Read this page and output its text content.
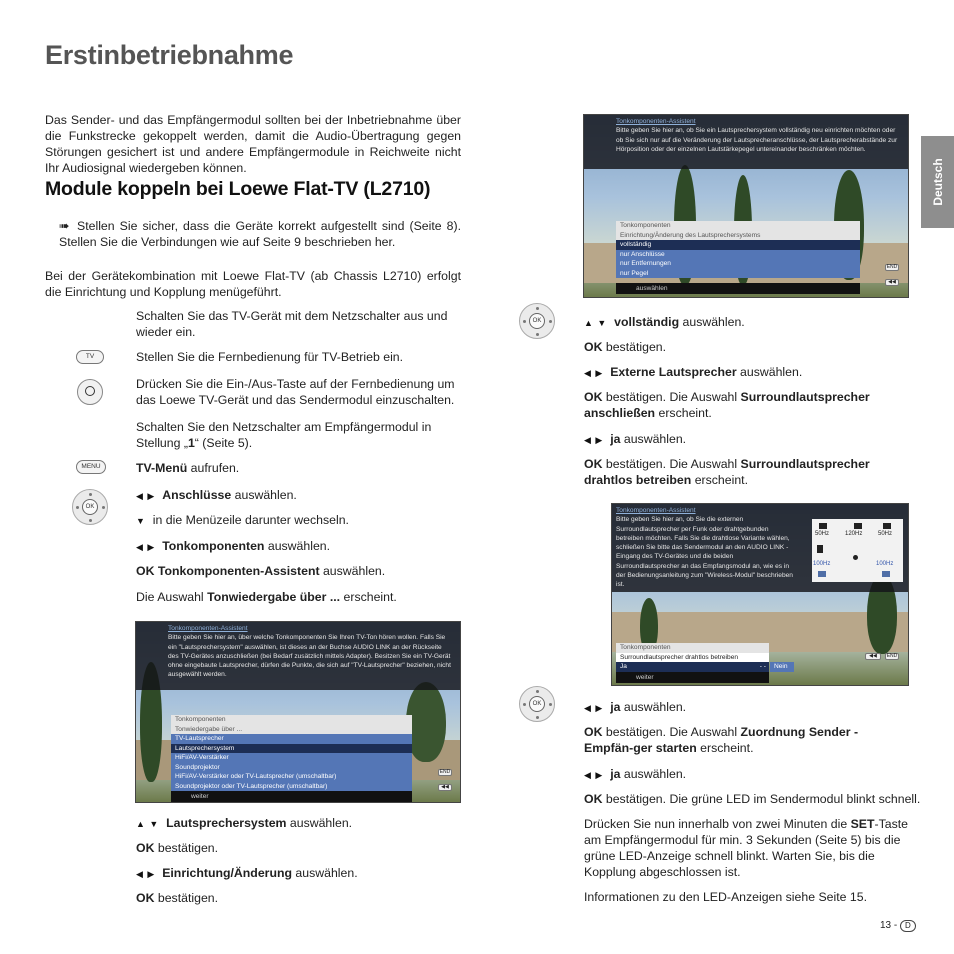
Erstinbetriebnahme
Deutsch
Das Sender- und das Empfängermodul sollten bei der Inbetriebnahme über die Funkstrecke gekoppelt werden, damit die Audio-Übertragung gegen Störungen gesichert ist und andere Empfängermodule in Reichweite nicht Ihr Audiosignal wiedergeben können.
Module koppeln bei Loewe Flat-TV (L2710)
➠ Stellen Sie sicher, dass die Geräte korrekt aufgestellt sind (Seite 8). Stellen Sie die Verbindungen wie auf Seite 9 beschrieben her.
Bei der Gerätekombination mit Loewe Flat-TV (ab Chassis L2710) erfolgt die Einrichtung und Kopplung menügeführt.
TV
MENU
OK
Schalten Sie das TV-Gerät mit dem Netzschalter aus und wieder ein.
Stellen Sie die Fernbedienung für TV-Betrieb ein.
Drücken Sie die Ein-/Aus-Taste auf der Fernbedienung um das Loewe TV-Gerät und das Sendermodul einzuschalten.
Schalten Sie den Netzschalter am Empfängermodul in Stellung „1“ (Seite 5).
TV-Menü aufrufen.
◀ ▶ Anschlüsse auswählen.
▼ in die Menüzeile darunter wechseln.
◀ ▶ Tonkomponenten auswählen.
OK Tonkomponenten-Assistent auswählen.
Die Auswahl Tonwiedergabe über ... erscheint.
Tonkomponenten-Assistent
Bitte geben Sie hier an, über welche Tonkomponenten Sie Ihren TV-Ton hören wollen. Falls Sie ein "Lautsprechersystem" auswählen, ist dieses an der Buchse AUDIO LINK an der Rückseite des TV-Gerätes anzuschließen (bei Bedarf zusätzlich mittels Adapter). Besitzen Sie ein TV-Gerät ohne eingebaute Lautsprecher, dürfen die Punkte, die sich auf "TV-Lautsprecher" beziehen, nicht ausgewählt werden.
Tonkomponenten
Tonwiedergabe über ...
TV-Lautsprecher
Lautsprechersystem
HiFi/AV-Verstärker
Soundprojektor
HiFi/AV-Verstärker oder TV-Lautsprecher (umschaltbar)
Soundprojektor oder TV-Lautsprecher (umschaltbar)
weiter
END
◀◀
▲ ▼ Lautsprechersystem auswählen.
OK bestätigen.
◀ ▶ Einrichtung/Änderung auswählen.
OK bestätigen.
Tonkomponenten-Assistent
Bitte geben Sie hier an, ob Sie ein Lautsprechersystem vollständig neu einrichten möchten oder ob Sie sich nur auf die Veränderung der Lautsprecheranschlüsse, der Lautsprecherabstände zur Hörposition oder der einzelnen Lautstärkepegel untereinander beschränken möchten.
Tonkomponenten
Einrichtung/Änderung des Lautsprechersystems
vollständig
nur Anschlüsse
nur Entfernungen
nur Pegel
auswählen
END
◀◀
OK	▲ ▼ vollständig auswählen.
OK bestätigen.
◀ ▶ Externe Lautsprecher auswählen.
OK bestätigen. Die Auswahl Surroundlautsprecher anschließen erscheint.
◀ ▶ ja auswählen.
OK bestätigen. Die Auswahl Surroundlautsprecher drahtlos betreiben erscheint.
Tonkomponenten-Assistent
Bitte geben Sie hier an, ob Sie die externen Surroundlautsprecher per Funk oder drahtgebunden betreiben möchten. Falls Sie die drahtlose Variante wählen, schließen Sie bitte das Sendermodul an den AUDIO LINK - Eingang des TV-Gerätes und die beiden Surroundlautsprecher an das Empfangsmodul an, wie es in der Bedienungsanleitung zum "Wireless-Modul" beschrieben ist.
50Hz	120Hz	50Hz
100Hz	100Hz
Tonkomponenten
Surroundlautsprecher drahtlos betreiben
Ja	- -	Nein
weiter
◀◀	END
OK	◀ ▶ ja auswählen.
OK bestätigen. Die Auswahl Zuordnung Sender - Empfän-ger starten erscheint.
◀ ▶ ja auswählen.
OK bestätigen. Die grüne LED im Sendermodul blinkt schnell.
Drücken Sie nun innerhalb von zwei Minuten die SET-Taste am Empfängermodul für min. 3 Sekunden (Seite 5) bis die grüne LED-Anzeige schnell blinkt. Warten Sie, bis die Kopplung abgeschlossen ist.
Informationen zu den LED-Anzeigen siehe Seite 15.
13 - D
